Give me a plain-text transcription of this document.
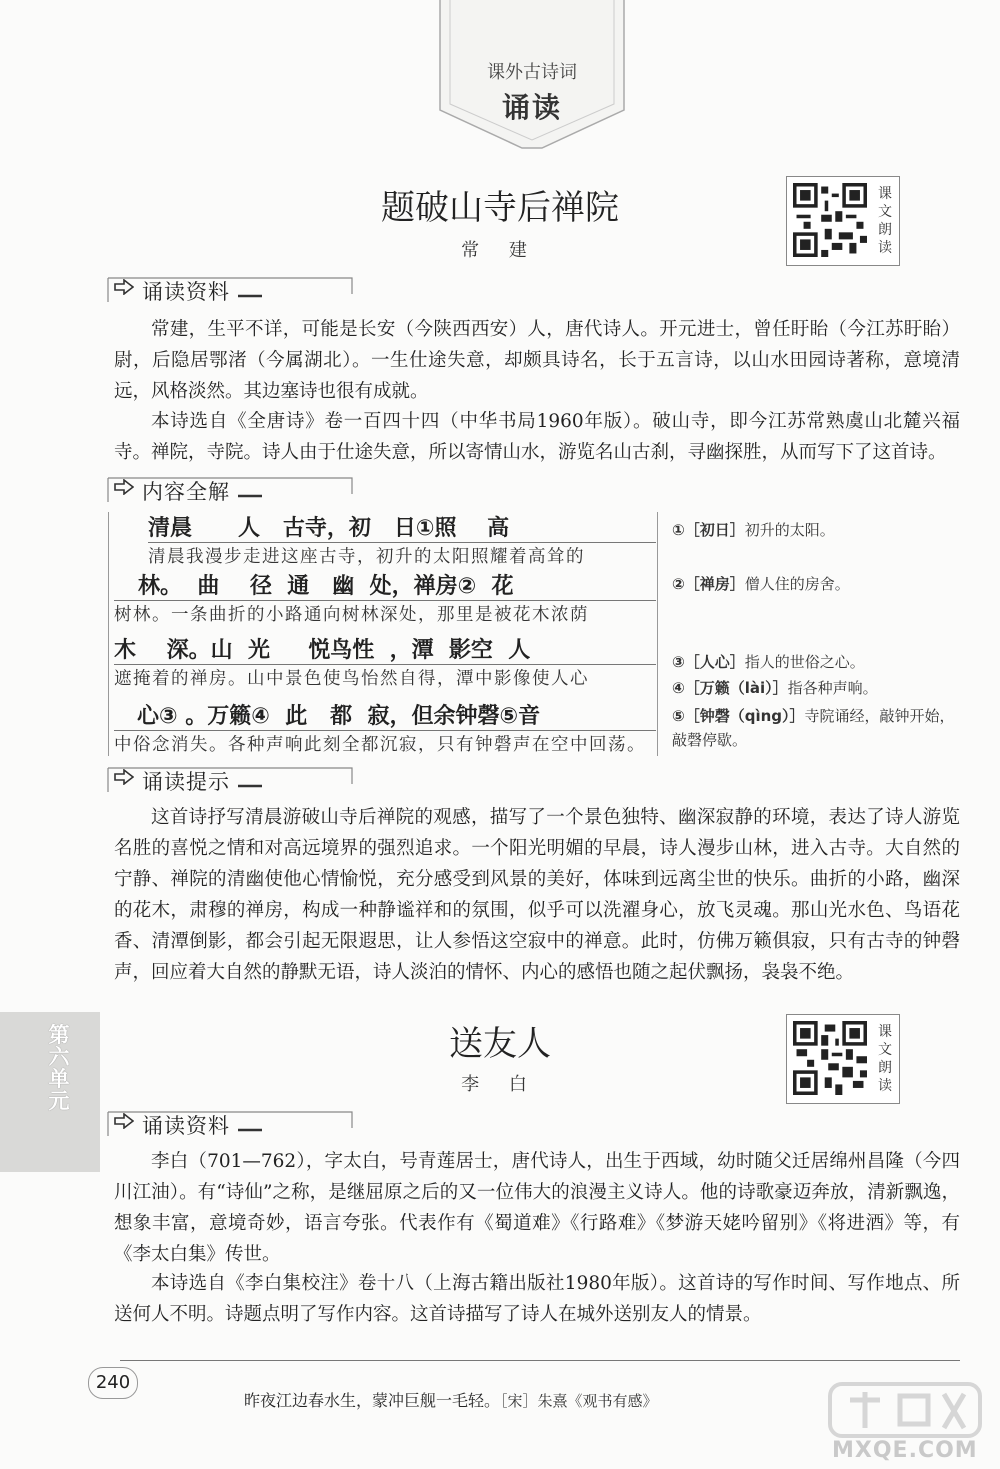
课外古诗词
诵读
题破山寺后禅院
常 建
课文朗读
诵读资料

常建，生平不详，可能是长安（今陕西西安）人，唐代诗人。开元进士，曾任盱眙（今江苏盱眙）尉，后隐居鄂渚（今属湖北）。一生仕途失意，却颇具诗名，长于五言诗，以山水田园诗著称，意境清远，风格淡然。其边塞诗也很有成就。

本诗选自《全唐诗》卷一百四十四（中华书局1960年版）。破山寺，即今江苏常熟虞山北麓兴福寺。禅院，寺院。诗人由于仕途失意，所以寄情山水，游览名山古刹，寻幽探胜，从而写下了这首诗。

内容全解
清晨      人   古寺，初   日①照    高
清晨我漫步走进这座古寺，初升的太阳照耀着高耸的
林。  曲    径  通   幽  处，禅房②  花
树林。一条曲折的小路通向树林深处，那里是被花木浓荫
木    深。山  光     悦鸟性  ，潭  影空  人
遮掩着的禅房。山中景色使鸟怡然自得，潭中影像使人心
心③ 。万籁④  此   都  寂，但余钟磬⑤音
中俗念消失。各种声响此刻全都沉寂，只有钟磬声在空中回荡。
①［初日］初升的太阳。
②［禅房］僧人住的房舍。
③［人心］指人的世俗之心。
④［万籁（lài）］指各种声响。
⑤［钟磬（qìng）］寺院诵经，敲钟开始，敲磬停歇。
诵读提示

这首诗抒写清晨游破山寺后禅院的观感，描写了一个景色独特、幽深寂静的环境，表达了诗人游览名胜的喜悦之情和对高远境界的强烈追求。一个阳光明媚的早晨，诗人漫步山林，进入古寺。大自然的宁静、禅院的清幽使他心情愉悦，充分感受到风景的美好，体味到远离尘世的快乐。曲折的小路，幽深的花木，肃穆的禅房，构成一种静谧祥和的氛围，似乎可以洗濯身心，放飞灵魂。那山光水色、鸟语花香、清潭倒影，都会引起无限遐思，让人参悟这空寂中的禅意。此时，仿佛万籁俱寂，只有古寺的钟磬声，回应着大自然的静默无语，诗人淡泊的情怀、内心的感悟也随之起伏飘扬，袅袅不绝。

第六单元
送友人
李 白
课文朗读
诵读资料

李白（701—762），字太白，号青莲居士，唐代诗人，出生于西域，幼时随父迁居绵州昌隆（今四川江油）。有“诗仙”之称，是继屈原之后的又一位伟大的浪漫主义诗人。他的诗歌豪迈奔放，清新飘逸，想象丰富，意境奇妙，语言夸张。代表作有《蜀道难》《行路难》《梦游天姥吟留别》《将进酒》等，有《李太白集》传世。

本诗选自《李白集校注》卷十八（上海古籍出版社1980年版）。这首诗的写作时间、写作地点、所送何人不明。诗题点明了写作内容。这首诗描写了诗人在城外送别友人的情景。

240
昨夜江边春水生，蒙冲巨舰一毛轻。［宋］朱熹《观书有感》
MXQE.COM
